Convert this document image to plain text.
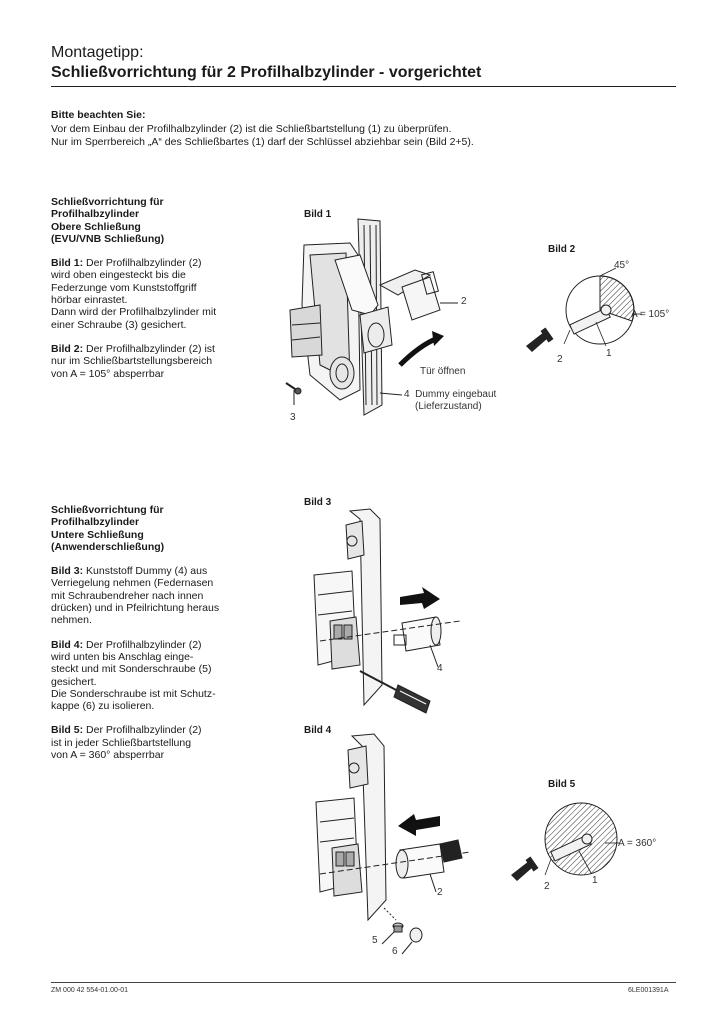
Montagetipp:
Schließvorrichtung für 2 Profilhalbzylinder - vorgerichtet
Bitte beachten Sie:
Vor dem Einbau der Profilhalbzylinder (2) ist die Schließbartstellung (1) zu überprüfen.
Nur im Sperrbereich „A“ des Schließbartes (1) darf der Schlüssel abziehbar sein (Bild 2+5).

Schließvorrichtung für
Profilhalbzylinder
Obere Schließung
(EVU/VNB Schließung)

Bild 1: Der Profilhalbzylinder (2)
wird oben eingesteckt bis die
Federzunge vom Kunststoffgriff
hörbar einrastet.
Dann wird der Profilhalbzylinder mit
einer Schraube (3) gesichert.

Bild 2: Der Profilhalbzylinder (2) ist
nur im Schließbartstellungsbereich
von A = 105° absperrbar

Schließvorrichtung für
Profilhalbzylinder
Untere Schließung
(Anwenderschließung)

Bild 3: Kunststoff Dummy (4) aus
Verriegelung nehmen (Federnasen
mit Schraubendreher nach innen
drücken) und in Pfeilrichtung heraus
nehmen.

Bild 4: Der Profilhalbzylinder (2)
wird unten bis Anschlag einge-
steckt und mit Sonderschraube (5)
gesichert.
Die Sonderschraube ist mit Schutz-
kappe (6) zu isolieren.

Bild 5: Der Profilhalbzylinder (2)
ist in jeder Schließbartstellung
von A = 360° absperrbar

Bild 1
2
3
Tür öffnen
4 Dummy eingebaut
(Lieferzustand)
Bild 2
45°
A = 105°
1
2
Bild 3
4
Bild 4
2
5
6
Bild 5
A = 360°
1
2
ZM 000 42 554-01.00-01	6LE001391A
